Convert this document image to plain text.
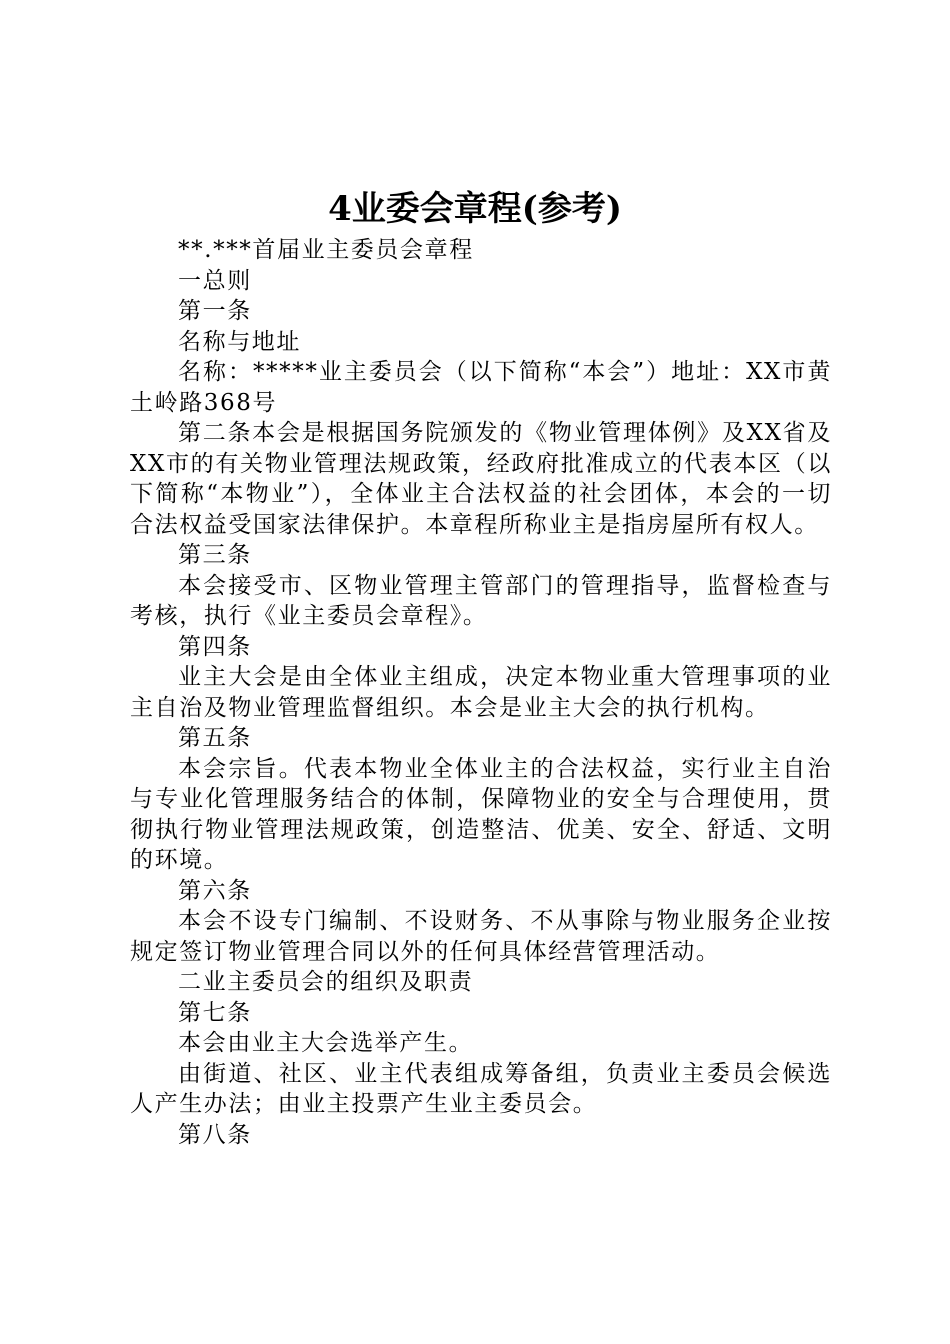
4业委会章程(参考)

**.***首届业主委员会章程

一总则

第一条

名称与地址

名称：*****业主委员会（以下简称“本会”）地址：XX市黄土岭路368号

第二条本会是根据国务院颁发的《物业管理体例》及XX省及XX市的有关物业管理法规政策，经政府批准成立的代表本区（以下简称“本物业”），全体业主合法权益的社会团体，本会的一切合法权益受国家法律保护。本章程所称业主是指房屋所有权人。

第三条

本会接受市、区物业管理主管部门的管理指导，监督检查与考核，执行《业主委员会章程》。

第四条

业主大会是由全体业主组成，决定本物业重大管理事项的业主自治及物业管理监督组织。本会是业主大会的执行机构。

第五条

本会宗旨。代表本物业全体业主的合法权益，实行业主自治与专业化管理服务结合的体制，保障物业的安全与合理使用，贯彻执行物业管理法规政策，创造整洁、优美、安全、舒适、文明的环境。

第六条

本会不设专门编制、不设财务、不从事除与物业服务企业按规定签订物业管理合同以外的任何具体经营管理活动。

二业主委员会的组织及职责

第七条

本会由业主大会选举产生。

由街道、社区、业主代表组成筹备组，负责业主委员会候选人产生办法；由业主投票产生业主委员会。

第八条
